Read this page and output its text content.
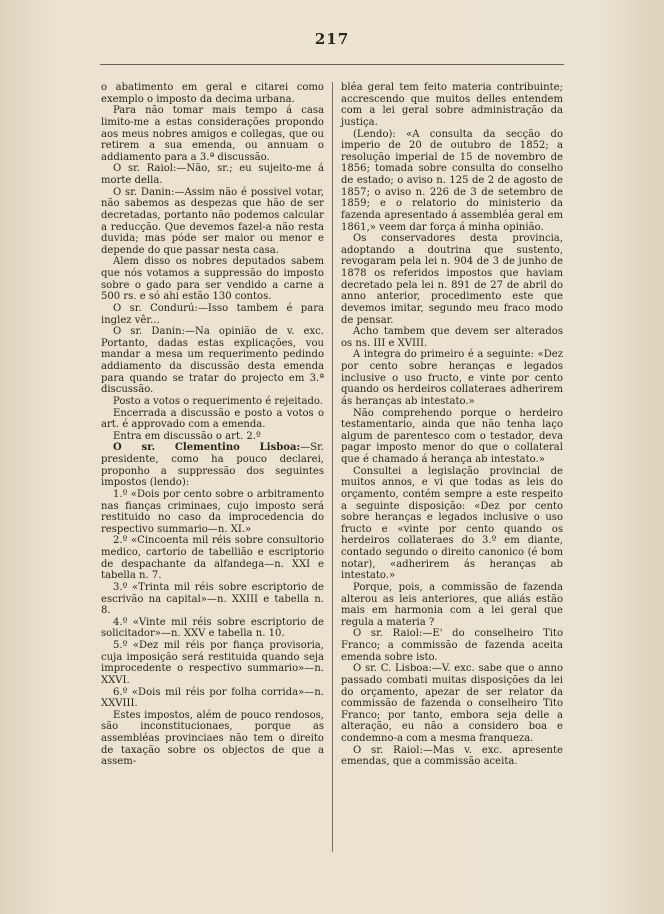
217

o abatimento em geral e citarei como exemplo o imposto da decima urbana.

Para não tomar mais tempo á casa limito-me a estas considerações propondo aos meus nobres amigos e collegas, que ou retirem a sua emenda, ou annuam o addiamento para a 3.ª discussão.

O sr. Raiol:—Não, sr.; eu sujeito-me á morte della.

O sr. Danin:—Assim não é possivel votar, não sabemos as despezas que hão de ser decretadas, portanto não podemos calcular a reducção. Que devemos fazel-a não resta duvida; mas póde ser maior ou menor e depende do que passar nesta casa.

Alem disso os nobres deputados sabem que nós votamos a suppressão do imposto sobre o gado para ser vendido a carne a 500 rs. e só ahi estão 130 contos.

O sr. Condurú:—Isso tambem é para inglez vêr...

O sr. Danin:—Na opinião de v. exc. Portanto, dadas estas explicações, vou mandar a mesa um requerimento pedindo addiamento da discussão desta emenda para quando se tratar do projecto em 3.ª discussão.

Posto a votos o requerimento é rejeitado.

Encerrada a discussão e posto a votos o art. é approvado com a emenda.

Entra em discussão o art. 2.º

O sr. Clementino Lisboa:—Sr. presidente, como ha pouco declarei, proponho a suppressão dos seguintes impostos (lendo):

1.º «Dois por cento sobre o arbitramento nas fianças criminaes, cujo imposto será restituido no caso da improcedencia do respectivo summario—n. XI.»

2.º «Cincoenta mil réis sobre consultorio medico, cartorio de tabellião e escriptorio de despachante da alfandega—n. XXI e tabella n. 7.

3.º «Trinta mil réis sobre escriptorio de escrivão na capital»—n. XXIII e tabella n. 8.

4.º «Vinte mil réis sobre escriptorio de solicitador»—n. XXV e tabella n. 10.

5.º «Dez mil réis por fiança provisoria, cuja imposição será restituida quando seja improcedente o respectivo summario»—n. XXVI.

6.º «Dois mil réis por folha corrida»—n. XXVIII.

Estes impostos, além de pouco rendosos, são inconstitucionaes, porque as assembléas provinciaes não tem o direito de taxação sobre os objectos de que a assem-

bléa geral tem feito materia contribuinte; accrescendo que muitos delles entendem com a lei geral sobre administração da justiça.

(Lendo): «A consulta da secção do imperio de 20 de outubro de 1852; a resolução imperial de 15 de novembro de 1856; tomada sobre consulta do conselho de estado; o aviso n. 125 de 2 de agosto de 1857; o aviso n. 226 de 3 de setembro de 1859; e o relatorio do ministerio da fazenda apresentado á assembléa geral em 1861,» veem dar força á minha opinião.

Os conservadores desta provincia, adoptando a doutrina que sustento, revogaram pela lei n. 904 de 3 de junho de 1878 os referidos impostos que haviam decretado pela lei n. 891 de 27 de abril do anno anterior, procedimento este que devemos imitar, segundo meu fraco modo de pensar.

Acho tambem que devem ser alterados os ns. III e XVIII.

A integra do primeiro é a seguinte: «Dez por cento sobre heranças e legados inclusive o uso fructo, e vinte por cento quando os herdeiros collateraes adherirem ás heranças ab intestato.»

Não comprehendo porque o herdeiro testamentario, ainda que não tenha laço algum de parentesco com o testador, deva pagar imposto menor do que o collateral que é chamado á herança ab intestato.»

Consultei a legislação provincial de muitos annos, e vi que todas as leis do orçamento, contém sempre a este respeito a seguinte disposição: «Dez por cento sobre heranças e legados inclusive o uso fructo e «vinte por cento quando os herdeiros collateraes do 3.º em diante, contado segundo o direito canonico (é bom notar), «adherirem ás heranças ab intestato.»

Porque, pois, a commissão de fazenda alterou as leis anteriores, que aliás estão mais em harmonia com a lei geral que regula a materia ?

O sr. Raiol:—E' do conselheiro Tito Franco; a commissão de fazenda aceita emenda sobre isto.

O sr. C. Lisboa:—V. exc. sabe que o anno passado combati muitas disposições da lei do orçamento, apezar de ser relator da commissão de fazenda o conselheiro Tito Franco; por tanto, embora seja delle a alteração, eu não a considero boa e condemno-a com a mesma franqueza.

O sr. Raiol:—Mas v. exc. apresente emendas, que a commissão aceita.
